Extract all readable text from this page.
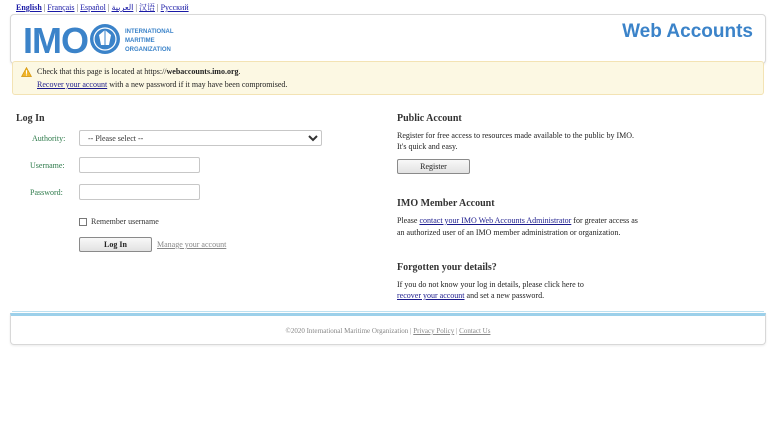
English | Français | Español | العربية | 汉语 | Русский
IMO	INTERNATIONAL
MARITIME
ORGANIZATION
Web Accounts
Check that this page is located at https://webaccounts.imo.org.
Recover your account with a new password if it may have been compromised.
Log In
Authority:
-- Please select --
Username:
Password:
Remember username
Log In	Manage your account
Public Account
Register for free access to resources made available to the public by IMO.
It's quick and easy.
Register
IMO Member Account
Please contact your IMO Web Accounts Administrator for greater access as
an authorized user of an IMO member administration or organization.
Forgotten your details?
If you do not know your log in details, please click here to
recover your account and set a new password.
©2020 International Maritime Organization | Privacy Policy | Contact Us
